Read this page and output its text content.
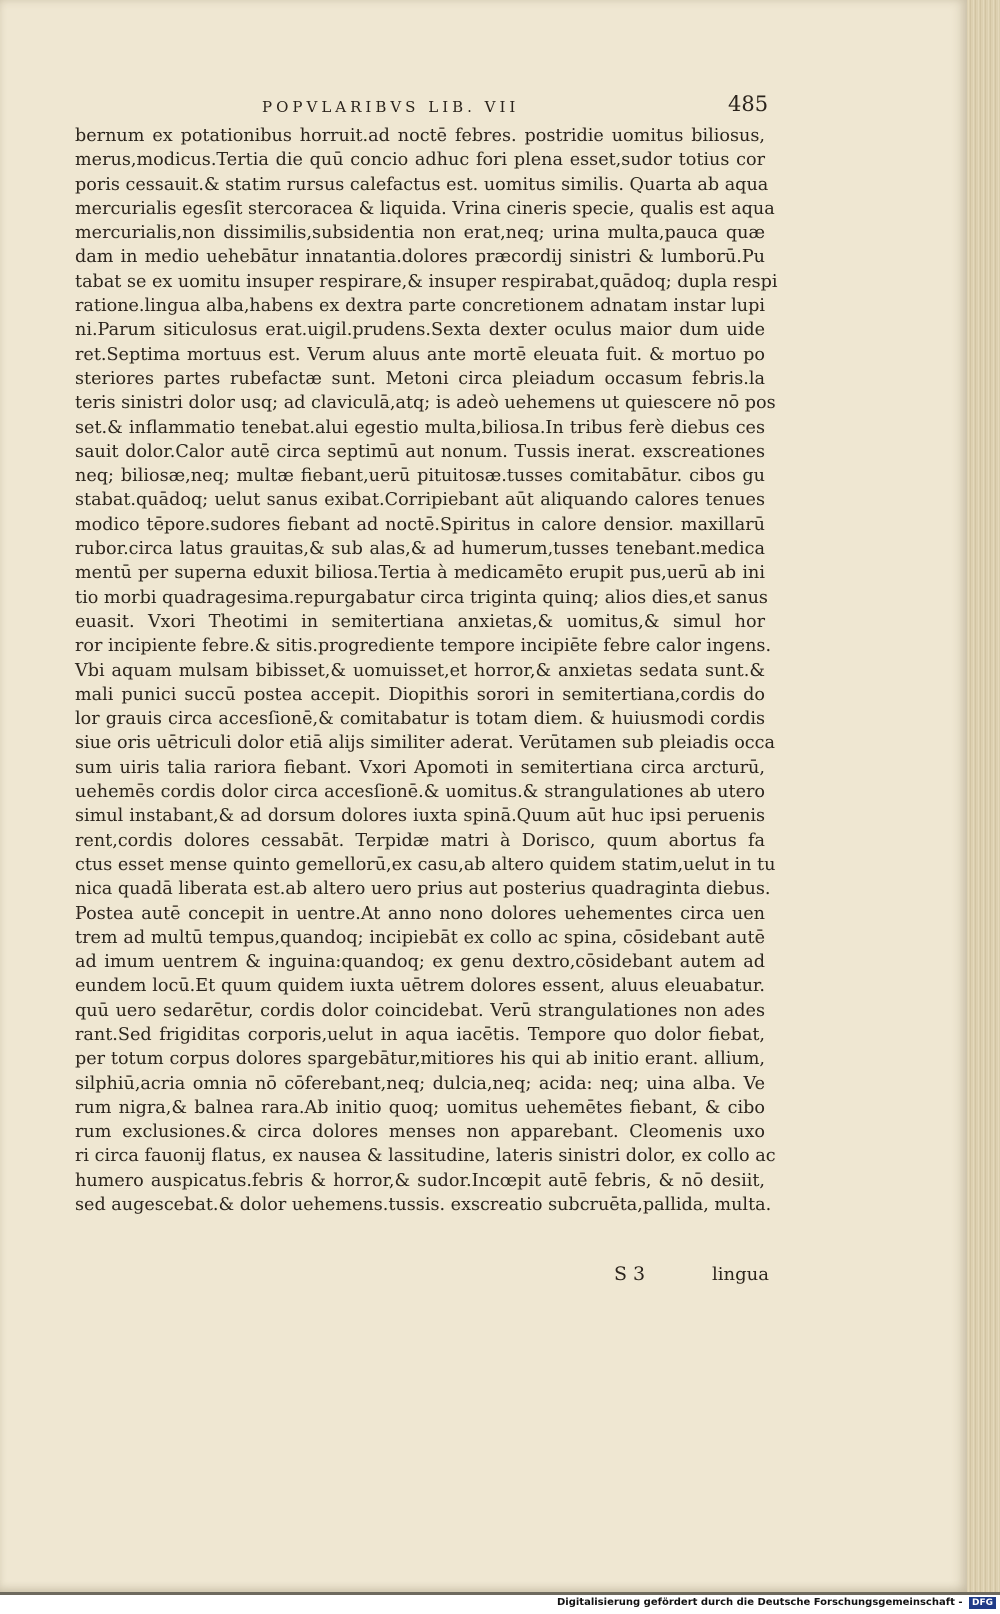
POPVLARIBVS LIB. VII	485
bernum ex potationibus horruit.ad noctē febres. postridie uomitus biliosus,
merus,modicus.Tertia die quū concio adhuc fori plena esset,sudor totius cor
poris cessauit.& statim rursus calefactus est. uomitus similis. Quarta ab aqua
mercurialis egesſit stercoracea & liquida. Vrina cineris specie, qualis est aqua
mercurialis,non dissimilis,subsidentia non erat,neq; urina multa,pauca quæ
dam in medio uehebātur innatantia.dolores præcordij sinistri & lumborū.Pu
tabat se ex uomitu insuper respirare,& insuper respirabat,quādoq; dupla respi
ratione.lingua alba,habens ex dextra parte concretionem adnatam instar lupi
ni.Parum siticulosus erat.uigil.prudens.Sexta dexter oculus maior dum uide
ret.Septima mortuus est. Verum aluus ante mortē eleuata fuit. & mortuo po
steriores partes rubefactæ sunt. Metoni circa pleiadum occasum febris.la
teris sinistri dolor usq; ad claviculā,atq; is adeò uehemens ut quiescere nō pos
set.& inflammatio tenebat.alui egestio multa,biliosa.In tribus ferè diebus ces
sauit dolor.Calor autē circa septimū aut nonum. Tussis inerat. exscreationes
neq; biliosæ,neq; multæ fiebant,uerū pituitosæ.tusses comitabātur. cibos gu
stabat.quādoq; uelut sanus exibat.Corripiebant aūt aliquando calores tenues
modico tēpore.sudores fiebant ad noctē.Spiritus in calore densior. maxillarū
rubor.circa latus grauitas,& sub alas,& ad humerum,tusses tenebant.medica
mentū per superna eduxit biliosa.Tertia à medicamēto erupit pus,uerū ab ini
tio morbi quadragesima.repurgabatur circa triginta quinq; alios dies,et sanus
euasit. Vxori Theotimi in semitertiana anxietas,& uomitus,& simul hor
ror incipiente febre.& sitis.progrediente tempore incipiēte febre calor ingens.
Vbi aquam mulsam bibisset,& uomuisset,et horror,& anxietas sedata sunt.&
mali punici succū postea accepit. Diopithis sorori in semitertiana,cordis do
lor grauis circa accesſionē,& comitabatur is totam diem. & huiusmodi cordis
siue oris uētriculi dolor etiā alijs similiter aderat. Verūtamen sub pleiadis occa
sum uiris talia rariora fiebant. Vxori Apomoti in semitertiana circa arcturū,
uehemēs cordis dolor circa accesſionē.& uomitus.& strangulationes ab utero
simul instabant,& ad dorsum dolores iuxta spinā.Quum aūt huc ipsi peruenis
rent,cordis dolores cessabāt. Terpidæ matri à Dorisco, quum abortus fa
ctus esset mense quinto gemellorū,ex casu,ab altero quidem statim,uelut in tu
nica quadā liberata est.ab altero uero prius aut posterius quadraginta diebus.
Postea autē concepit in uentre.At anno nono dolores uehementes circa uen
trem ad multū tempus,quandoq; incipiebāt ex collo ac spina, cōsidebant autē
ad imum uentrem & inguina:quandoq; ex genu dextro,cōsidebant autem ad
eundem locū.Et quum quidem iuxta uētrem dolores essent, aluus eleuabatur.
quū uero sedarētur, cordis dolor coincidebat. Verū strangulationes non ades
rant.Sed frigiditas corporis,uelut in aqua iacētis. Tempore quo dolor fiebat,
per totum corpus dolores spargebātur,mitiores his qui ab initio erant. allium,
silphiū,acria omnia nō cōferebant,neq; dulcia,neq; acida: neq; uina alba. Ve
rum nigra,& balnea rara.Ab initio quoq; uomitus uehemētes fiebant, & cibo
rum exclusiones.& circa dolores menses non apparebant. Cleomenis uxo
ri circa fauonij flatus, ex nausea & lassitudine, lateris sinistri dolor, ex collo ac
humero auspicatus.febris & horror,& sudor.Incœpit autē febris, & nō desiit,
sed augescebat.& dolor uehemens.tussis. exscreatio subcruēta,pallida, multa.
S 3	lingua
Digitalisierung gefördert durch die Deutsche Forschungsgemeinschaft - DFG
